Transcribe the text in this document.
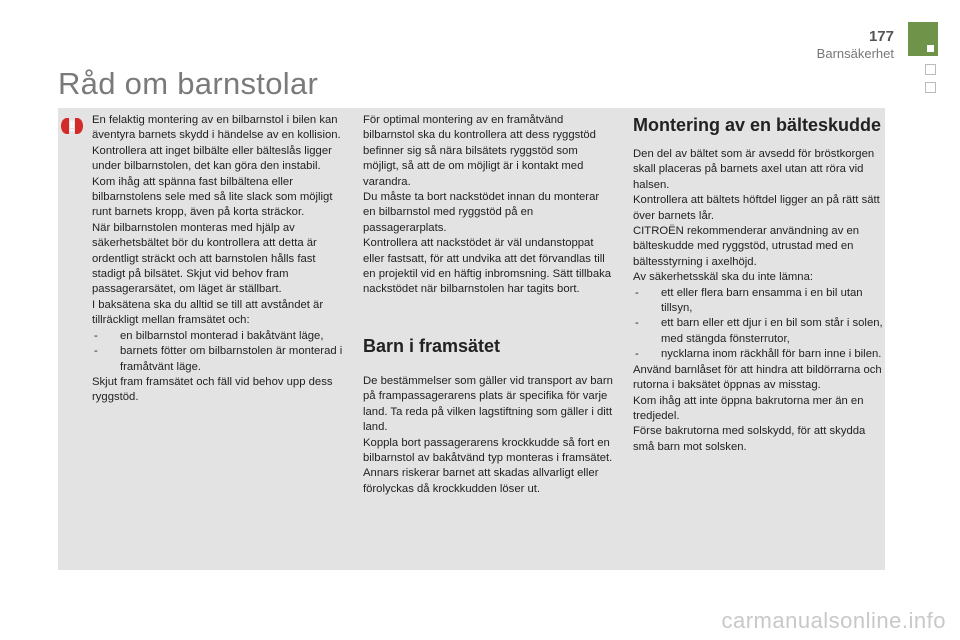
177
Barnsäkerhet
Råd om barnstolar

En felaktig montering av en bilbarnstol i bilen kan äventyra barnets skydd i händelse av en kollision.

Kontrollera att inget bilbälte eller bälteslås ligger under bilbarnstolen, det kan göra den instabil.

Kom ihåg att spänna fast bilbältena eller bilbarnstolens sele med så lite slack som möjligt runt barnets kropp, även på korta sträckor.

När bilbarnstolen monteras med hjälp av säkerhetsbältet bör du kontrollera att detta är ordentligt sträckt och att barnstolen hålls fast stadigt på bilsätet. Skjut vid behov fram passagerarsätet, om läget är ställbart.

I baksätena ska du alltid se till att avståndet är tillräckligt mellan framsätet och:

- en bilbarnstol monterad i bakåtvänt läge,

- barnets fötter om bilbarnstolen är monterad i framåtvänt läge.

Skjut fram framsätet och fäll vid behov upp dess ryggstöd.

För optimal montering av en framåtvänd bilbarnstol ska du kontrollera att dess ryggstöd befinner sig så nära bilsätets ryggstöd som möjligt, så att de om möjligt är i kontakt med varandra.

Du måste ta bort nackstödet innan du monterar en bilbarnstol med ryggstöd på en passagerarplats.

Kontrollera att nackstödet är väl undanstoppat eller fastsatt, för att undvika att det förvandlas till en projektil vid en häftig inbromsning. Sätt tillbaka nackstödet när bilbarnstolen har tagits bort.

Barn i framsätet

De bestämmelser som gäller vid transport av barn på frampassagerarens plats är specifika för varje land. Ta reda på vilken lagstiftning som gäller i ditt land.

Koppla bort passagerarens krockkudde så fort en bilbarnstol av bakåtvänd typ monteras i framsätet.

Annars riskerar barnet att skadas allvarligt eller förolyckas då krockkudden löser ut.

Montering av en bälteskudde

Den del av bältet som är avsedd för bröstkorgen skall placeras på barnets axel utan att röra vid halsen.

Kontrollera att bältets höftdel ligger an på rätt sätt över barnets lår.

CITROËN rekommenderar användning av en bälteskudde med ryggstöd, utrustad med en bältesstyrning i axelhöjd.

Av säkerhetsskäl ska du inte lämna:

- ett eller flera barn ensamma i en bil utan tillsyn,

- ett barn eller ett djur i en bil som står i solen, med stängda fönsterrutor,

- nycklarna inom räckhåll för barn inne i bilen.

Använd barnlåset för att hindra att bildörrarna och rutorna i baksätet öppnas av misstag.

Kom ihåg att inte öppna bakrutorna mer än en tredjedel.

Förse bakrutorna med solskydd, för att skydda små barn mot solsken.

carmanualsonline.info
